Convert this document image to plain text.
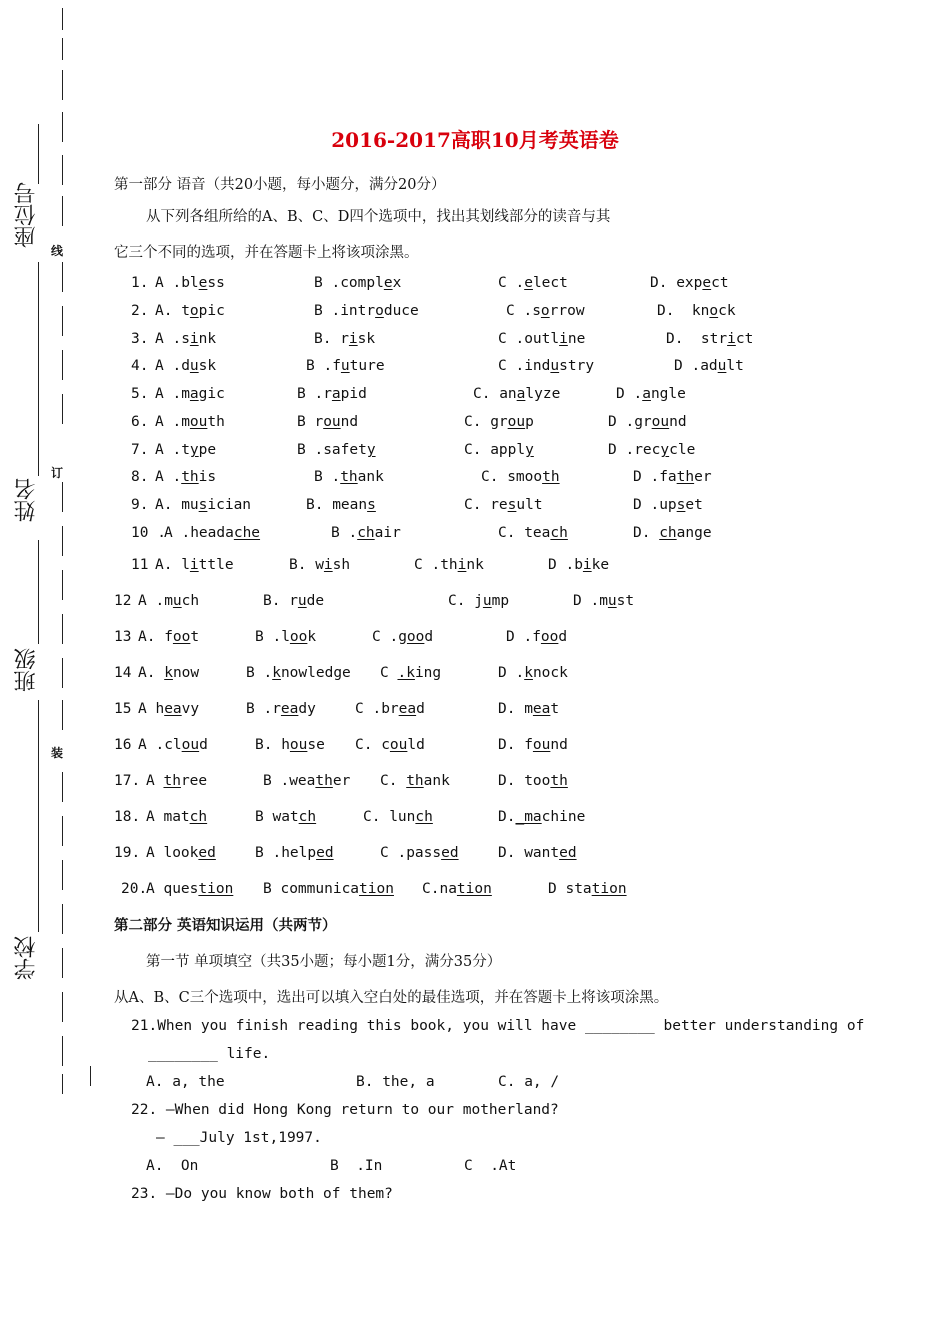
座位号
姓名
班级
学校
线
订
装
2016-2017高职10月考英语卷
第一部分 语音（共20小题，每小题分，满分20分）
从下列各组所给的A、B、C、D四个选项中，找出其划线部分的读音与其
它三个不同的选项，并在答题卡上将该项涂黑。
1. A .bless	B .complex	C .elect	D. expect
2. A. topic	B .introduce	C .sorrow	D.  knock
3. A .sink	B. risk	C .outline	D.  strict
4. A .dusk	B .future	C .industry	D .adult
5. A .magic	B .rapid	C. analyze	D .angle
6. A .mouth	B round	C. group	D .ground
7. A .type	B .safety	C. apply	D .recycle
8. A .this	B .thank	C. smooth	D .father
9. A. musician	B. means	C. result	D .upset
10 .
A .headache	B .chair	C. teach	D. change
11 A. little	B. wish	C .think	D .bike
12 A .much	B. rude	C. jump	D .must
13 A. foot	B .look	C .good	D .food
14 A. know	B .knowledge C .king	D .knock
15 A heavy	B .ready	C .bread	D. meat
16 A .cloud	B. house C. could	D. found
17. A three	B .weather C. thank	D. tooth
18. A match	B watch	C. lunch	D._machine
19. A looked	B .helped	C .passed	D. wanted
20.
A question B communication C.nation	D station
第二部分 英语知识运用（共两节）
第一节 单项填空（共35小题；每小题1分，满分35分）
从A、B、C三个选项中，选出可以填入空白处的最佳选项，并在答题卡上将该项涂黑。
21.When you finish reading this book, you will have ________ better understanding of
________ life.

A. a, the

	B. the, a

	C. a, /

22. —When did Hong Kong return to our motherland?
— ___July 1st,1997.

A.  On

	B  .In

	C  .At

23. —Do you know both of them?
